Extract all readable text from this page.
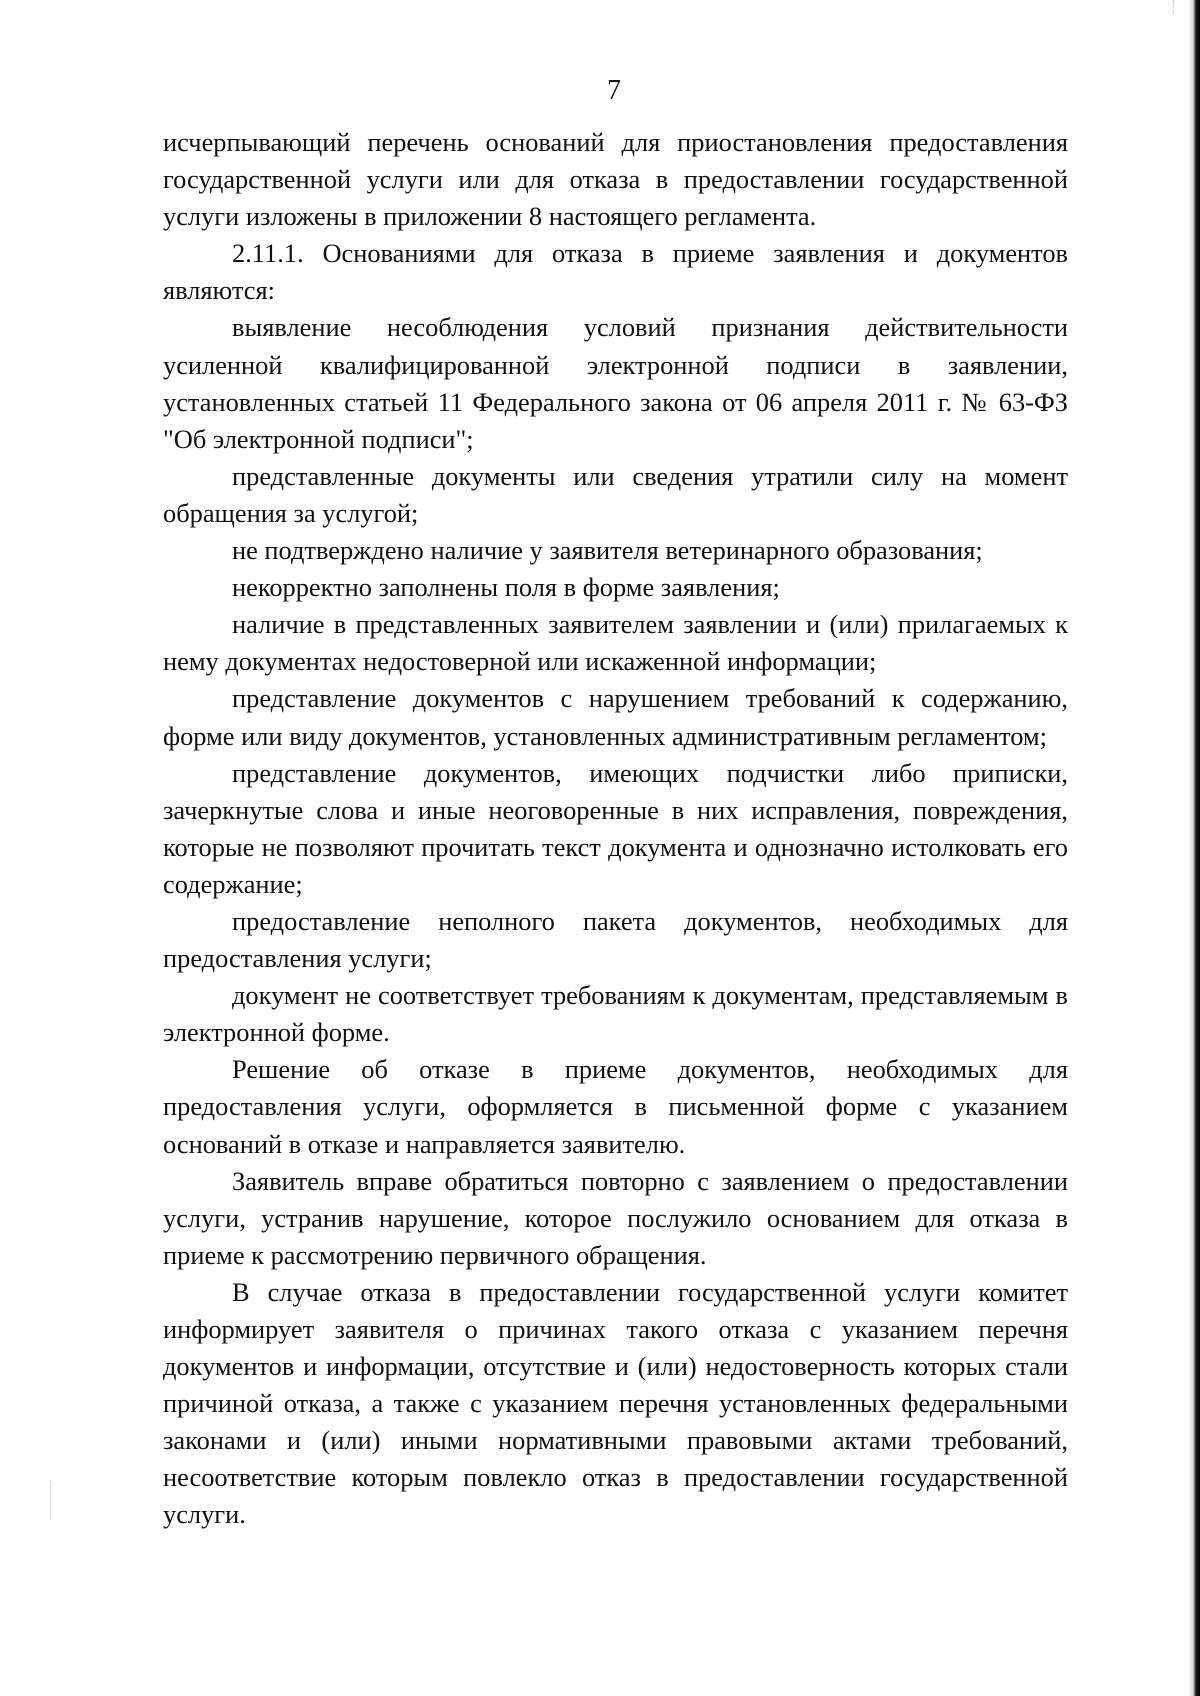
7

исчерпывающий перечень оснований для приостановления предоставления государственной услуги или для отказа в предоставлении государственной услуги изложены в приложении 8 настоящего регламента.

2.11.1. Основаниями для отказа в приеме заявления и документов являются:

выявление несоблюдения условий признания действительности усиленной квалифицированной электронной подписи в заявлении, установленных статьей 11 Федерального закона от 06 апреля 2011 г. № 63-ФЗ "Об электронной подписи";

представленные документы или сведения утратили силу на момент обращения за услугой;

не подтверждено наличие у заявителя ветеринарного образования;

некорректно заполнены поля в форме заявления;

наличие в представленных заявителем заявлении и (или) прилагаемых к нему документах недостоверной или искаженной информации;

представление документов с нарушением требований к содержанию, форме или виду документов, установленных административным регламентом;

представление документов, имеющих подчистки либо приписки, зачеркнутые слова и иные неоговоренные в них исправления, повреждения, которые не позволяют прочитать текст документа и однозначно истолковать его содержание;

предоставление неполного пакета документов, необходимых для предоставления услуги;

документ не соответствует требованиям к документам, представляемым в электронной форме.

Решение об отказе в приеме документов, необходимых для предоставления услуги, оформляется в письменной форме с указанием оснований в отказе и направляется заявителю.

Заявитель вправе обратиться повторно с заявлением о предоставлении услуги, устранив нарушение, которое послужило основанием для отказа в приеме к рассмотрению первичного обращения.

В случае отказа в предоставлении государственной услуги комитет информирует заявителя о причинах такого отказа с указанием перечня документов и информации, отсутствие и (или) недостоверность которых стали причиной отказа, а также с указанием перечня установленных федеральными законами и (или) иными нормативными правовыми актами требований, несоответствие которым повлекло отказ в предоставлении государственной услуги.
